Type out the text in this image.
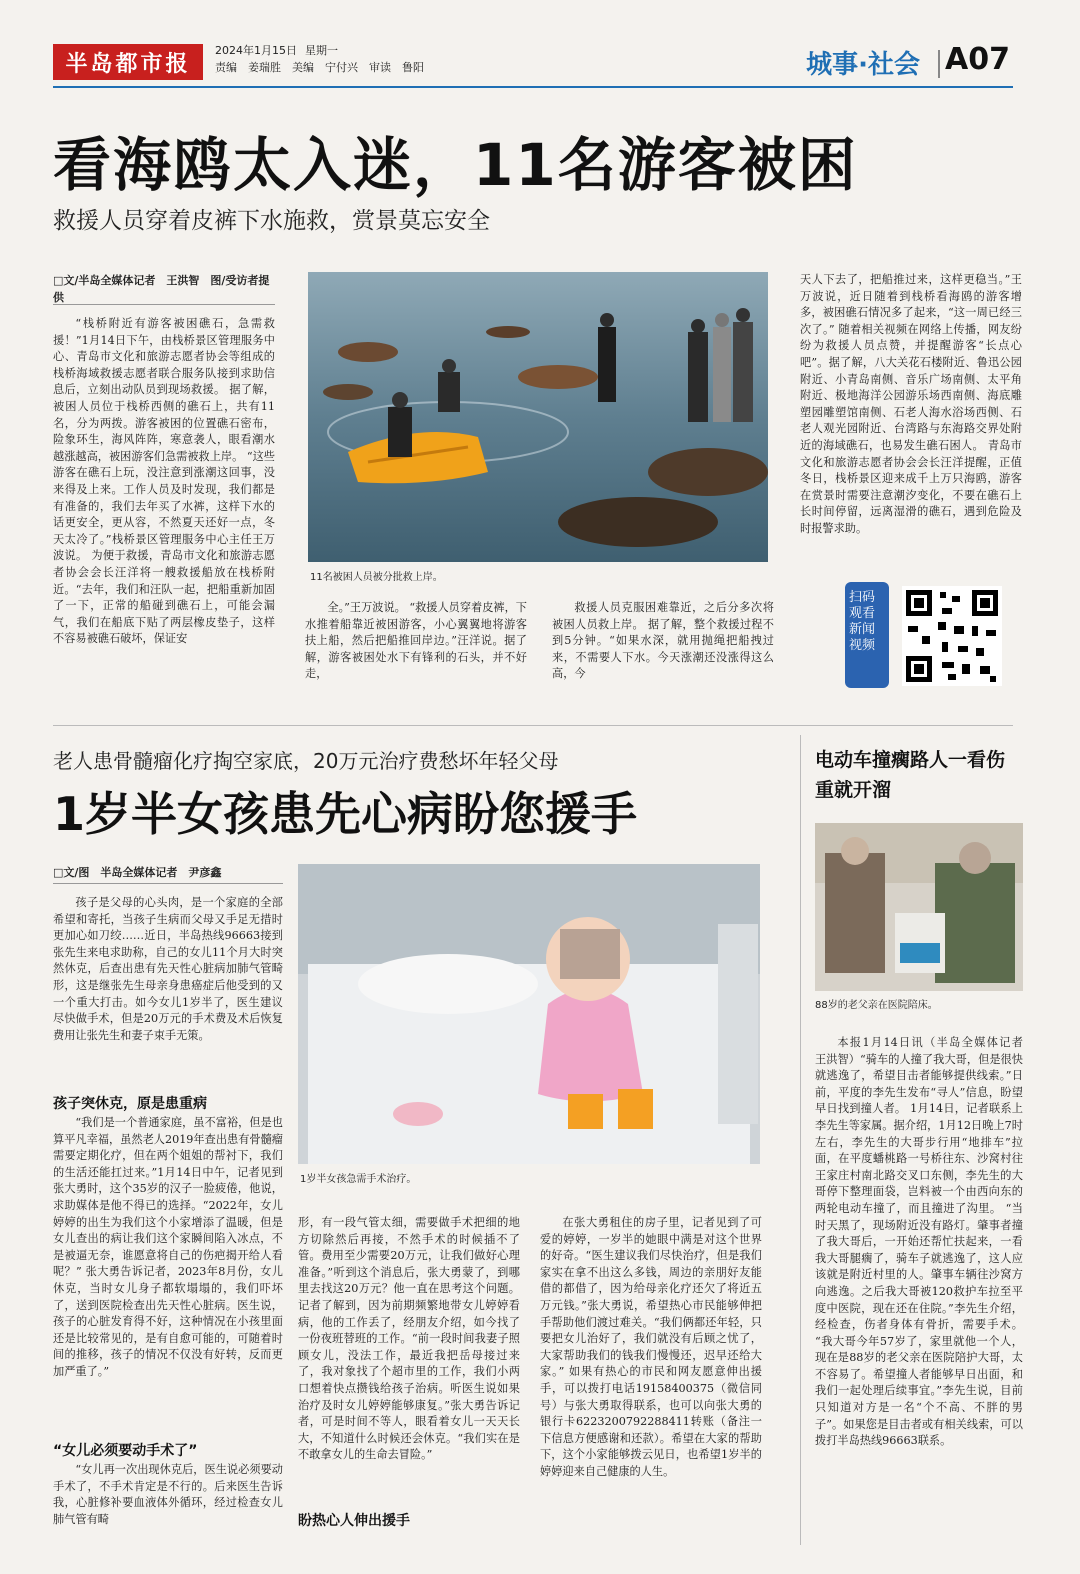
半岛都市报
2024年1月15日 星期一
责编　姜瑞胜　美编　宁付兴　审读　鲁阳	城事·社会 A07
看海鸥太入迷，11名游客被困
救援人员穿着皮裤下水施救，赏景莫忘安全
□文/半岛全媒体记者　王洪智　图/受访者提供
“栈桥附近有游客被困礁石，急需救援！”1月14日下午，由栈桥景区管理服务中心、青岛市文化和旅游志愿者协会等组成的栈桥海域救援志愿者联合服务队接到求助信息后，立刻出动队员到现场救援。 据了解，被困人员位于栈桥西侧的礁石上，共有11名，分为两拨。游客被困的位置礁石密布，险象环生，海风阵阵，寒意袭人，眼看潮水越涨越高，被困游客们急需被救上岸。 “这些游客在礁石上玩，没注意到涨潮这回事，没来得及上来。工作人员及时发现，我们都是有准备的，我们去年买了水裤，这样下水的话更安全，更从容，不然夏天还好一点，冬天太冷了。”栈桥景区管理服务中心主任王万波说。 为便于救援，青岛市文化和旅游志愿者协会会长汪洋将一艘救援船放在栈桥附近。“去年，我们和汪队一起，把船重新加固了一下，正常的船碰到礁石上，可能会漏气，我们在船底下贴了两层橡皮垫子，这样不容易被礁石破坏，保证安
11名被困人员被分批救上岸。
全。”王万波说。 “救援人员穿着皮裤，下水推着船靠近被困游客，小心翼翼地将游客扶上船，然后把船推回岸边。”汪洋说。据了解，游客被困处水下有锋利的石头，并不好走，
救援人员克服困难靠近，之后分多次将被困人员救上岸。 据了解，整个救援过程不到5分钟。“如果水深，就用抛绳把船拽过来，不需要人下水。今天涨潮还没涨得这么高，今
天人下去了，把船推过来，这样更稳当。”王万波说，近日随着到栈桥看海鸥的游客增多，被困礁石情况多了起来，“这一周已经三次了。” 随着相关视频在网络上传播，网友纷纷为救援人员点赞，并提醒游客“长点心吧”。据了解，八大关花石楼附近、鲁迅公园附近、小青岛南侧、音乐广场南侧、太平角附近、极地海洋公园游乐场西南侧、海底雕塑园雕塑馆南侧、石老人海水浴场西侧、石老人观光园附近、台湾路与东海路交界处附近的海域礁石，也易发生礁石困人。 青岛市文化和旅游志愿者协会会长汪洋提醒，正值冬日，栈桥景区迎来成千上万只海鸥，游客在赏景时需要注意潮汐变化，不要在礁石上长时间停留，远离湿滑的礁石，遇到危险及时报警求助。
扫码观看新闻视频
老人患骨髓瘤化疗掏空家底，20万元治疗费愁坏年轻父母
1岁半女孩患先心病盼您援手
□文/图　半岛全媒体记者　尹彦鑫
孩子是父母的心头肉，是一个家庭的全部希望和寄托，当孩子生病而父母又手足无措时更加心如刀绞……近日，半岛热线96663接到张先生来电求助称，自己的女儿11个月大时突然休克，后查出患有先天性心脏病加肺气管畸形，这是继张先生母亲身患癌症后他受到的又一个重大打击。如今女儿1岁半了，医生建议尽快做手术，但是20万元的手术费及术后恢复费用让张先生和妻子束手无策。
孩子突休克，原是患重病
“我们是一个普通家庭，虽不富裕，但是也算平凡幸福，虽然老人2019年查出患有骨髓瘤需要定期化疗，但在两个姐姐的帮衬下，我们的生活还能扛过来。”1月14日中午，记者见到张大勇时，这个35岁的汉子一脸疲倦，他说，求助媒体是他不得已的选择。“2022年，女儿婷婷的出生为我们这个小家增添了温暖，但是女儿查出的病让我们这个家瞬间陷入冰点，不是被逼无奈，谁愿意将自己的伤疤揭开给人看呢？” 张大勇告诉记者，2023年8月份，女儿休克，当时女儿身子都软塌塌的，我们吓坏了，送到医院检查出先天性心脏病。医生说，孩子的心脏发育得不好，这种情况在小孩里面还是比较常见的，是有自愈可能的，可随着时间的推移，孩子的情况不仅没有好转，反而更加严重了。”
“女儿必须要动手术了”
“女儿再一次出现休克后，医生说必须要动手术了，不手术肯定是不行的。后来医生告诉我，心脏修补要血液体外循环，经过检查女儿肺气管有畸
1岁半女孩急需手术治疗。
形，有一段气管太细，需要做手术把细的地方切除然后再接，不然手术的时候插不了管。费用至少需要20万元，让我们做好心理准备。”听到这个消息后，张大勇蒙了，到哪里去找这20万元？他一直在思考这个问题。 记者了解到，因为前期频繁地带女儿婷婷看病，他的工作丢了，经朋友介绍，如今找了一份夜班替班的工作。“前一段时间我妻子照顾女儿，没法工作，最近我把岳母接过来了，我对象找了个超市里的工作，我们小两口想着快点攒钱给孩子治病。听医生说如果治疗及时女儿婷婷能够康复。”张大勇告诉记者，可是时间不等人，眼看着女儿一天天长大，不知道什么时候还会休克。“我们实在是不敢拿女儿的生命去冒险。”
盼热心人伸出援手
在张大勇租住的房子里，记者见到了可爱的婷婷，一岁半的她眼中满是对这个世界的好奇。“医生建议我们尽快治疗，但是我们家实在拿不出这么多钱，周边的亲朋好友能借的都借了，因为给母亲化疗还欠了将近五万元钱。”张大勇说，希望热心市民能够伸把手帮助他们渡过难关。“我们俩都还年轻，只要把女儿治好了，我们就没有后顾之忧了，大家帮助我们的钱我们慢慢还，迟早还给大家。” 如果有热心的市民和网友愿意伸出援手，可以拨打电话19158400375（微信同号）与张大勇取得联系，也可以向张大勇的银行卡6223200792288411转账（备注一下信息方便感谢和还款）。希望在大家的帮助下，这个小家能够拨云见日，也希望1岁半的婷婷迎来自己健康的人生。
电动车撞瘸路人一看伤重就开溜
88岁的老父亲在医院陪床。
本报1月14日讯（半岛全媒体记者　王洪智）“骑车的人撞了我大哥，但是很快就逃逸了，希望目击者能够提供线索。”日前，平度的李先生发布“寻人”信息，盼望早日找到撞人者。 1月14日，记者联系上李先生等家属。据介绍，1月12日晚上7时左右，李先生的大哥步行用“地排车”拉面，在平度蟠桃路一号桥往东、沙窝村往王家庄村南北路交叉口东侧，李先生的大哥停下整理面袋，岂料被一个由西向东的两轮电动车撞了，而且撞进了沟里。 “当时天黑了，现场附近没有路灯。肇事者撞了我大哥后，一开始还帮忙扶起来，一看我大哥腿瘸了，骑车子就逃逸了，这人应该就是附近村里的人。肇事车辆往沙窝方向逃逸。之后我大哥被120救护车拉至平度中医院，现在还在住院。”李先生介绍，经检查，伤者身体有骨折，需要手术。 “我大哥今年57岁了，家里就他一个人，现在是88岁的老父亲在医院陪护大哥，太不容易了。希望撞人者能够早日出面，和我们一起处理后续事宜。”李先生说，目前只知道对方是一名“个不高、不胖的男子”。如果您是目击者或有相关线索，可以拨打半岛热线96663联系。
